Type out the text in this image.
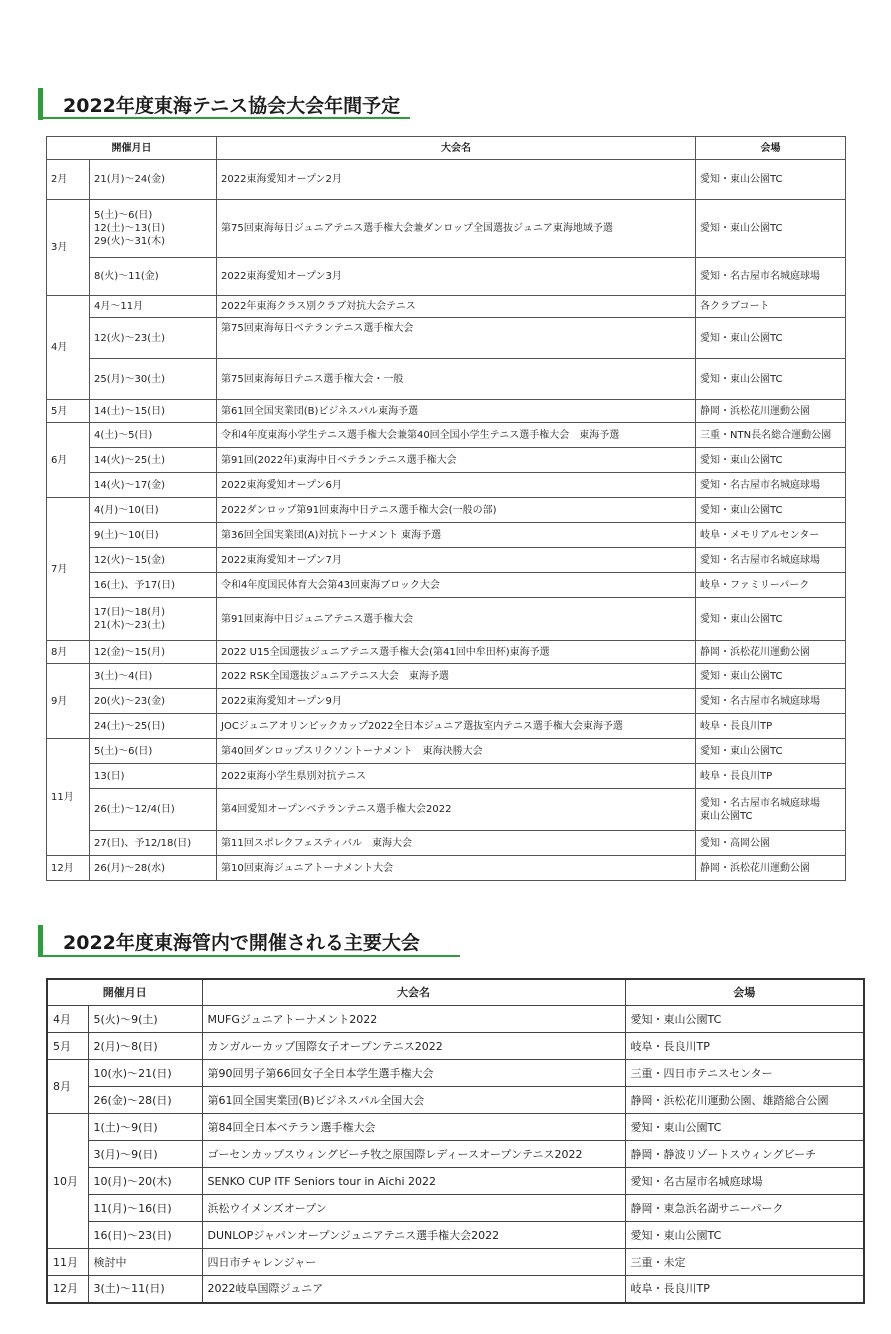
2022年度東海テニス協会大会年間予定
開催月日		大会名	会場
2月	21(月)～24(金)	2022東海愛知オープン2月	愛知・東山公園TC

3月	5(土)～6(日)
12(土)～13(日)
29(火)～31(木)	第75回東海毎日ジュニアテニス選手権大会兼ダンロップ全国選抜ジュニア東海地域予選	愛知・東山公園TC

	8(火)～11(金)	2022東海愛知オープン3月	愛知・名古屋市名城庭球場

4月	4月～11月	2022年東海クラス別クラブ対抗大会テニス	各クラブコート

	12(火)～23(土)	第75回東海毎日ベテランテニス選手権大会	愛知・東山公園TC

	25(月)～30(土)	第75回東海毎日テニス選手権大会・一般	愛知・東山公園TC

5月	14(土)～15(日)	第61回全国実業団(B)ビジネスパル東海予選	静岡・浜松花川運動公園

6月	4(土)～5(日)	令和4年度東海小学生テニス選手権大会兼第40回全国小学生テニス選手権大会　東海予選	三重・NTN長名総合運動公園

	14(火)～25(土)	第91回(2022年)東海中日ベテランテニス選手権大会	愛知・東山公園TC

	14(火)～17(金)	2022東海愛知オープン6月	愛知・名古屋市名城庭球場

7月	4(月)～10(日)	2022ダンロップ第91回東海中日テニス選手権大会(一般の部)	愛知・東山公園TC

	9(土)～10(日)	第36回全国実業団(A)対抗トーナメント 東海予選	岐阜・メモリアルセンター

	12(火)～15(金)	2022東海愛知オープン7月	愛知・名古屋市名城庭球場

	16(土)、予17(日)	令和4年度国民体育大会第43回東海ブロック大会	岐阜・ファミリーパーク

	17(日)～18(月)
21(木)～23(土)	第91回東海中日ジュニアテニス選手権大会	愛知・東山公園TC

8月	12(金)～15(月)	2022 U15全国選抜ジュニアテニス選手権大会(第41回中牟田杯)東海予選	静岡・浜松花川運動公園

9月	3(土)～4(日)	2022 RSK全国選抜ジュニアテニス大会　東海予選	愛知・東山公園TC

	20(火)～23(金)	2022東海愛知オープン9月	愛知・名古屋市名城庭球場

	24(土)～25(日)	JOCジュニアオリンピックカップ2022全日本ジュニア選抜室内テニス選手権大会東海予選	岐阜・長良川TP

11月	5(土)～6(日)	第40回ダンロップスリクソントーナメント　東海決勝大会	愛知・東山公園TC

	13(日)	2022東海小学生県別対抗テニス	岐阜・長良川TP

	26(土)～12/4(日)	第4回愛知オープンベテランテニス選手権大会2022	愛知・名古屋市名城庭球場
東山公園TC

	27(日)、予12/18(日)	第11回スポレクフェスティバル　東海大会	愛知・高岡公園

12月	26(月)～28(水)	第10回東海ジュニアトーナメント大会	静岡・浜松花川運動公園
2022年度東海管内で開催される主要大会
開催月日		大会名	会場
4月	5(火)～9(土)	MUFGジュニアトーナメント2022	愛知・東山公園TC

5月	2(月)～8(日)	カンガルーカップ国際女子オープンテニス2022	岐阜・長良川TP

8月	10(水)～21(日)	第90回男子第66回女子全日本学生選手権大会	三重・四日市テニスセンター

	26(金)～28(日)	第61回全国実業団(B)ビジネスパル全国大会	静岡・浜松花川運動公園、雄踏総合公園

10月	1(土)～9(日)	第84回全日本ベテラン選手権大会	愛知・東山公園TC

	3(月)～9(日)	ゴーセンカップスウィングビーチ牧之原国際レディースオープンテニス2022	静岡・静波リゾートスウィングビーチ

	10(月)～20(木)	SENKO CUP ITF Seniors tour in Aichi 2022	愛知・名古屋市名城庭球場

	11(月)～16(日)	浜松ウイメンズオープン	静岡・東急浜名湖サニーパーク

	16(日)～23(日)	DUNLOPジャパンオープンジュニアテニス選手権大会2022	愛知・東山公園TC

11月	検討中	四日市チャレンジャー	三重・未定

12月	3(土)～11(日)	2022岐阜国際ジュニア	岐阜・長良川TP
